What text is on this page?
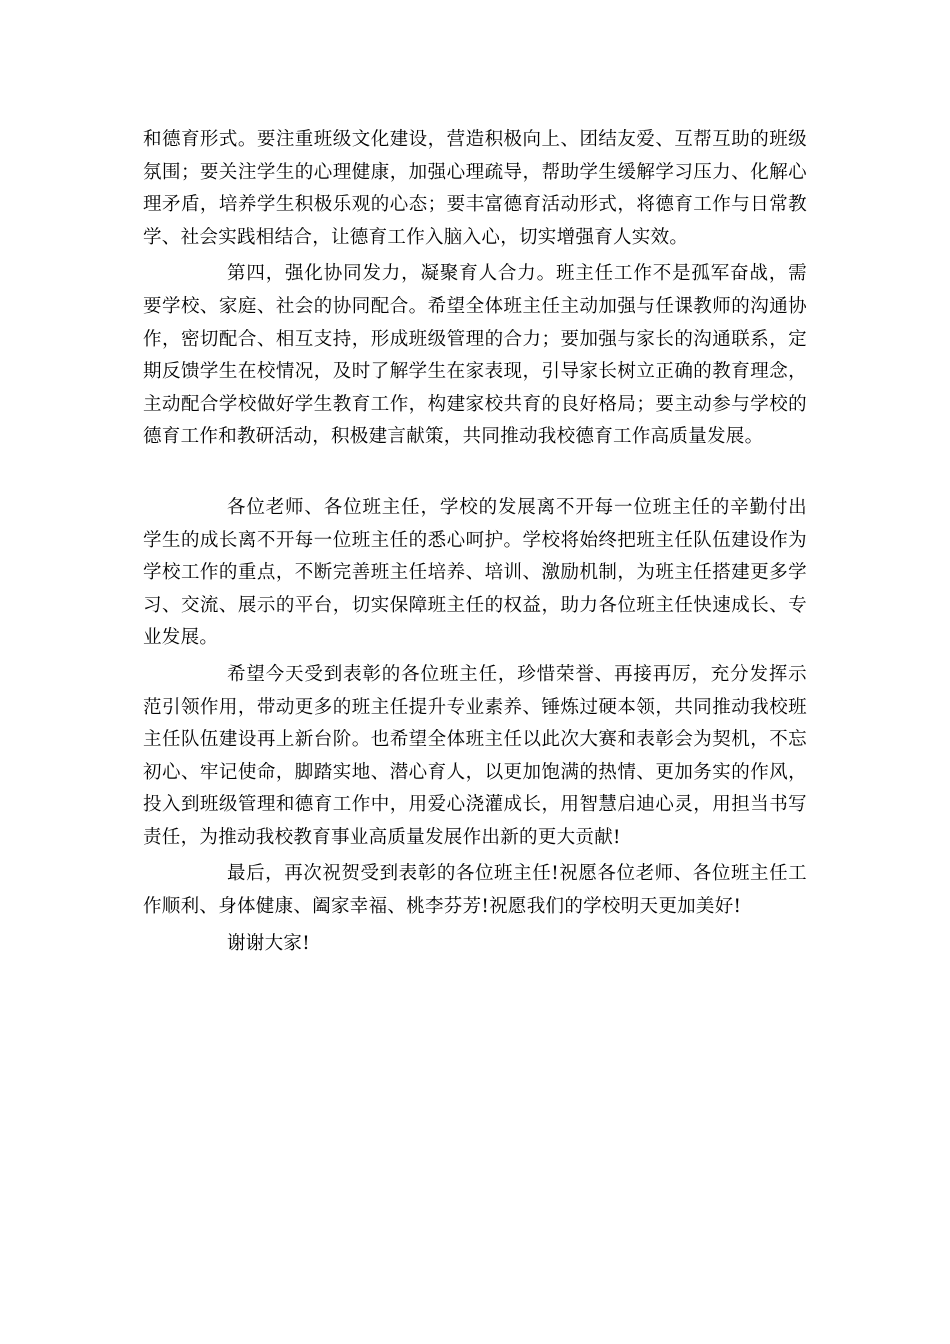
和德育形式。要注重班级文化建设，营造积极向上、团结友爱、互帮互助的班级氛围；要关注学生的心理健康，加强心理疏导，帮助学生缓解学习压力、化解心理矛盾，培养学生积极乐观的心态；要丰富德育活动形式，将德育工作与日常教学、社会实践相结合，让德育工作入脑入心，切实增强育人实效。

第四，强化协同发力，凝聚育人合力。班主任工作不是孤军奋战，需要学校、家庭、社会的协同配合。希望全体班主任主动加强与任课教师的沟通协作，密切配合、相互支持，形成班级管理的合力；要加强与家长的沟通联系，定期反馈学生在校情况，及时了解学生在家表现，引导家长树立正确的教育理念，主动配合学校做好学生教育工作，构建家校共育的良好格局；要主动参与学校的德育工作和教研活动，积极建言献策，共同推动我校德育工作高质量发展。

各位老师、各位班主任，学校的发展离不开每一位班主任的辛勤付出学生的成长离不开每一位班主任的悉心呵护。学校将始终把班主任队伍建设作为学校工作的重点，不断完善班主任培养、培训、激励机制，为班主任搭建更多学习、交流、展示的平台，切实保障班主任的权益，助力各位班主任快速成长、专业发展。

希望今天受到表彰的各位班主任，珍惜荣誉、再接再厉，充分发挥示范引领作用，带动更多的班主任提升专业素养、锤炼过硬本领，共同推动我校班主任队伍建设再上新台阶。也希望全体班主任以此次大赛和表彰会为契机，不忘初心、牢记使命，脚踏实地、潜心育人，以更加饱满的热情、更加务实的作风，投入到班级管理和德育工作中，用爱心浇灌成长，用智慧启迪心灵，用担当书写责任，为推动我校教育事业高质量发展作出新的更大贡献!

最后，再次祝贺受到表彰的各位班主任!祝愿各位老师、各位班主任工作顺利、身体健康、阖家幸福、桃李芬芳!祝愿我们的学校明天更加美好!

谢谢大家!
